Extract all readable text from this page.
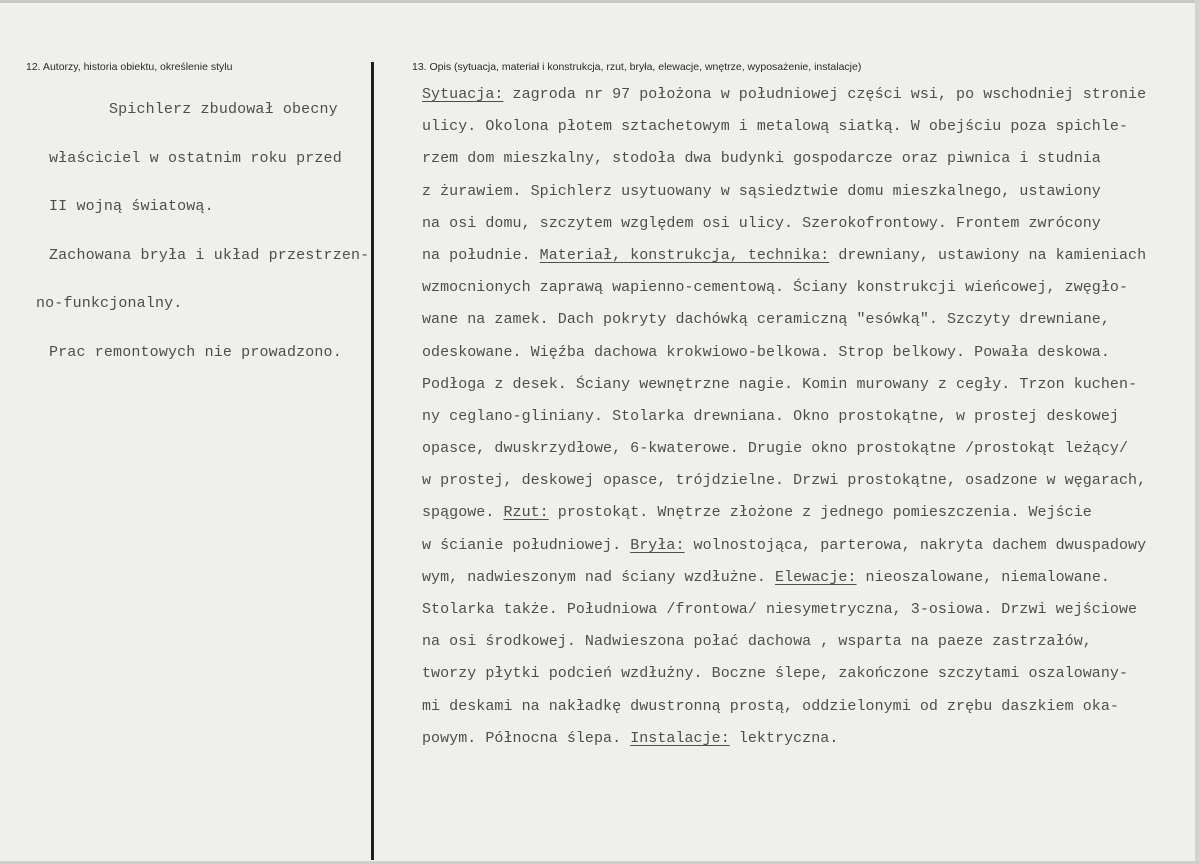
12. Autorzy, historia obiektu, określenie stylu	13. Opis (sytuacja, materiał i konstrukcja, rzut, bryła, elewacje, wnętrze, wyposażenie, instalacje)
Spichlerz zbudował obecny
właściciel w ostatnim roku przed
II wojną światową.
Zachowana bryła i układ przestrzen-
no-funkcjonalny.
Prac remontowych nie prowadzono.
Sytuacja: zagroda nr 97 położona w południowej części wsi, po wschodniej stronie
ulicy. Okolona płotem sztachetowym i metalową siatką. W obejściu poza spichle-
rzem dom mieszkalny, stodoła dwa budynki gospodarcze oraz piwnica i studnia
z żurawiem. Spichlerz usytuowany w sąsiedztwie domu mieszkalnego, ustawiony
na osi domu, szczytem względem osi ulicy. Szerokofrontowy. Frontem zwrócony
na południe. Materiał, konstrukcja, technika: drewniany, ustawiony na kamieniach
wzmocnionych zaprawą wapienno-cementową. Ściany konstrukcji wieńcowej, zwęgło-
wane na zamek. Dach pokryty dachówką ceramiczną "esówką". Szczyty drewniane,
odeskowane. Więźba dachowa krokwiowo-belkowa. Strop belkowy. Powała deskowa.
Podłoga z desek. Ściany wewnętrzne nagie. Komin murowany z cegły. Trzon kuchen-
ny ceglano-gliniany. Stolarka drewniana. Okno prostokątne, w prostej deskowej
opasce, dwuskrzydłowe, 6-kwaterowe. Drugie okno prostokątne /prostokąt leżący/
w prostej, deskowej opasce, trójdzielne. Drzwi prostokątne, osadzone w węgarach,
spągowe. Rzut: prostokąt. Wnętrze złożone z jednego pomieszczenia. Wejście
w ścianie południowej. Bryła: wolnostojąca, parterowa, nakryta dachem dwuspadowy
wym, nadwieszonym nad ściany wzdłużne. Elewacje: nieoszalowane, niemalowane.
Stolarka także. Południowa /frontowa/ niesymetryczna, 3-osiowa. Drzwi wejściowe
na osi środkowej. Nadwieszona połać dachowa , wsparta na paeze zastrzałów,
tworzy płytki podcień wzdłużny. Boczne ślepe, zakończone szczytami oszalowany-
mi deskami na nakładkę dwustronną prostą, oddzielonymi od zrębu daszkiem oka-
powym. Północna ślepa. Instalacje: lektryczna.
